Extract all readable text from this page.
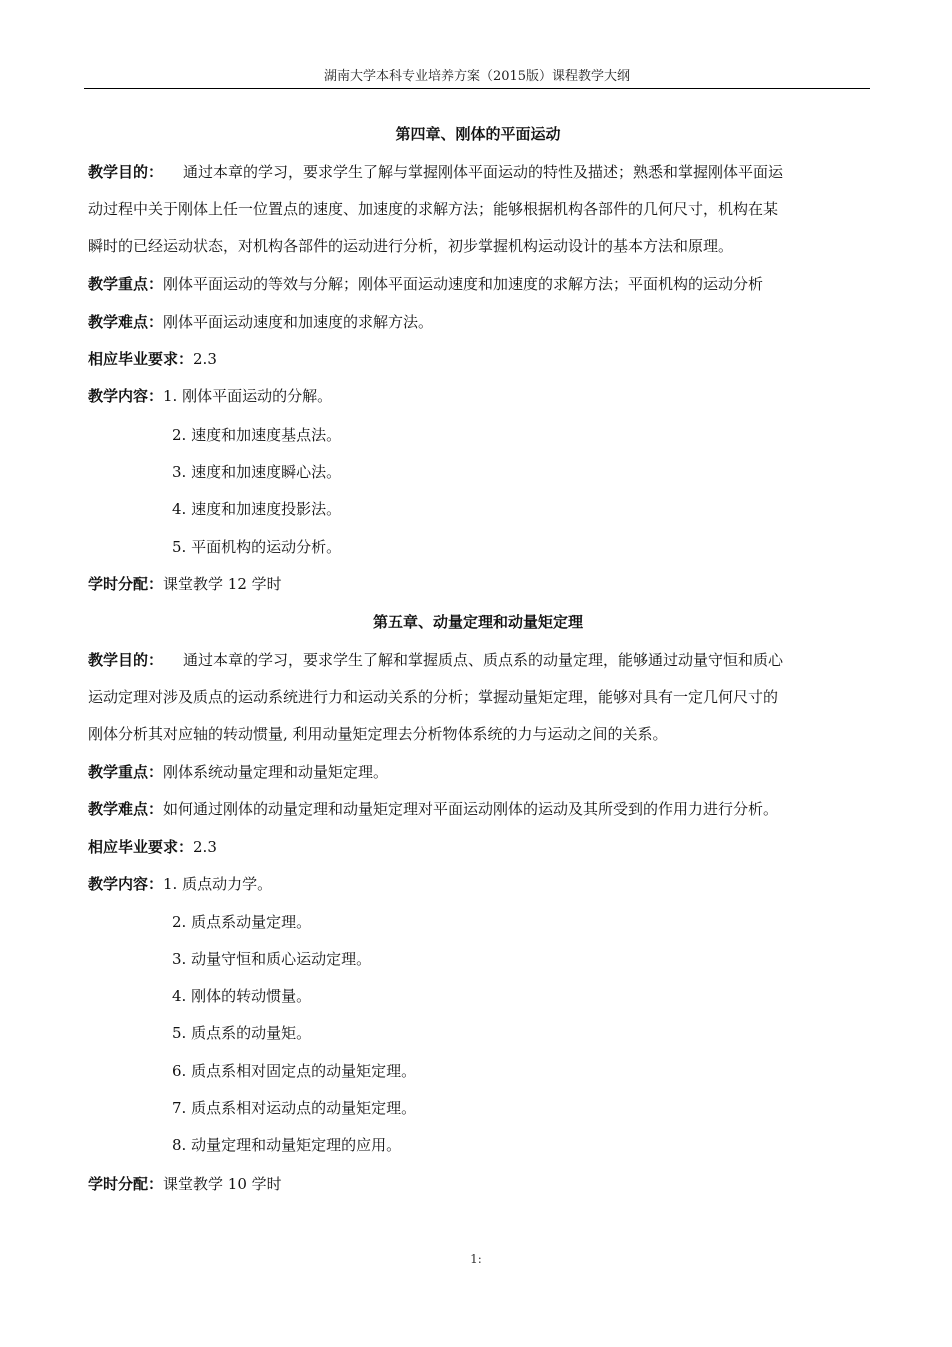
湖南大学本科专业培养方案（2015版）课程教学大纲
第四章、刚体的平面运动
教学目的： 通过本章的学习，要求学生了解与掌握刚体平面运动的特性及描述；熟悉和掌握刚体平面运
动过程中关于刚体上任一位置点的速度、加速度的求解方法；能够根据机构各部件的几何尺寸，机构在某
瞬时的已经运动状态，对机构各部件的运动进行分析，初步掌握机构运动设计的基本方法和原理。
教学重点：刚体平面运动的等效与分解；刚体平面运动速度和加速度的求解方法；平面机构的运动分析
教学难点：刚体平面运动速度和加速度的求解方法。
相应毕业要求：2.3
教学内容：1. 刚体平面运动的分解。
2. 速度和加速度基点法。
3. 速度和加速度瞬心法。
4. 速度和加速度投影法。
5. 平面机构的运动分析。
学时分配：课堂教学 12 学时
第五章、动量定理和动量矩定理
教学目的： 通过本章的学习，要求学生了解和掌握质点、质点系的动量定理，能够通过动量守恒和质心
运动定理对涉及质点的运动系统进行力和运动关系的分析；掌握动量矩定理，能够对具有一定几何尺寸的
刚体分析其对应轴的转动惯量, 利用动量矩定理去分析物体系统的力与运动之间的关系。
教学重点：刚体系统动量定理和动量矩定理。
教学难点：如何通过刚体的动量定理和动量矩定理对平面运动刚体的运动及其所受到的作用力进行分析。
相应毕业要求：2.3
教学内容：1. 质点动力学。
2. 质点系动量定理。
3. 动量守恒和质心运动定理。
4. 刚体的转动惯量。
5. 质点系的动量矩。
6. 质点系相对固定点的动量矩定理。
7. 质点系相对运动点的动量矩定理。
8. 动量定理和动量矩定理的应用。
学时分配：课堂教学 10 学时
1:
